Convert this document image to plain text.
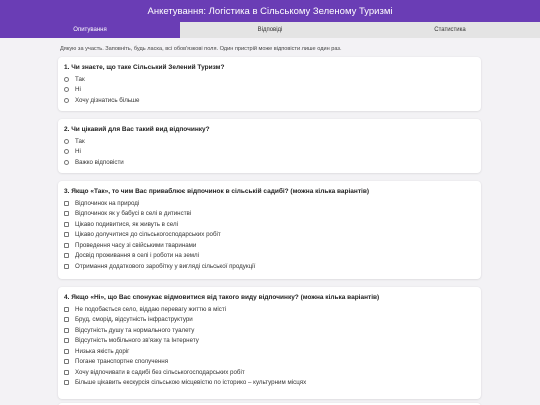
Анкетування: Логістика в Сільському Зеленому Туризмі
Опитування	Відповіді	Статистика
Дякую за участь. Заповніть, будь ласка, всі обов'язкові поля. Один пристрій може відповісти лише один раз.
1. Чи знаєте, що таке Сільський Зелений Туризм?
Так
Ні
Хочу дізнатись більше
2. Чи цікавий для Вас такий вид відпочинку?
Так
Ні
Важко відповісти
3. Якщо «Так», то чим Вас приваблює відпочинок в сільській садибі? (можна кілька варіантів)
Відпочинок на природі
Відпочинок як у бабусі в селі в дитинстві
Цікаво подивитися, як живуть в селі
Цікаво долучитися до сільськогосподарських робіт
Проведення часу зі свійськими тваринами
Досвід проживання в селі і роботи на землі
Отримання додаткового заробітку у вигляді сільської продукції
4. Якщо «Ні», що Вас спонукає відмовитися від такого виду відпочинку? (можна кілька варіантів)
Не подобається село, віддаю перевагу життю в місті
Бруд, сморід, відсутність інфраструктури
Відсутність душу та нормального туалету
Відсутність мобільного зв'язку та Інтернету
Низька якість доріг
Погане транспортне сполучення
Хочу відпочивати в садибі без сільськогосподарських робіт
Більше цікавить екскурсія сільською місцевістю по історико – культурним місцях
